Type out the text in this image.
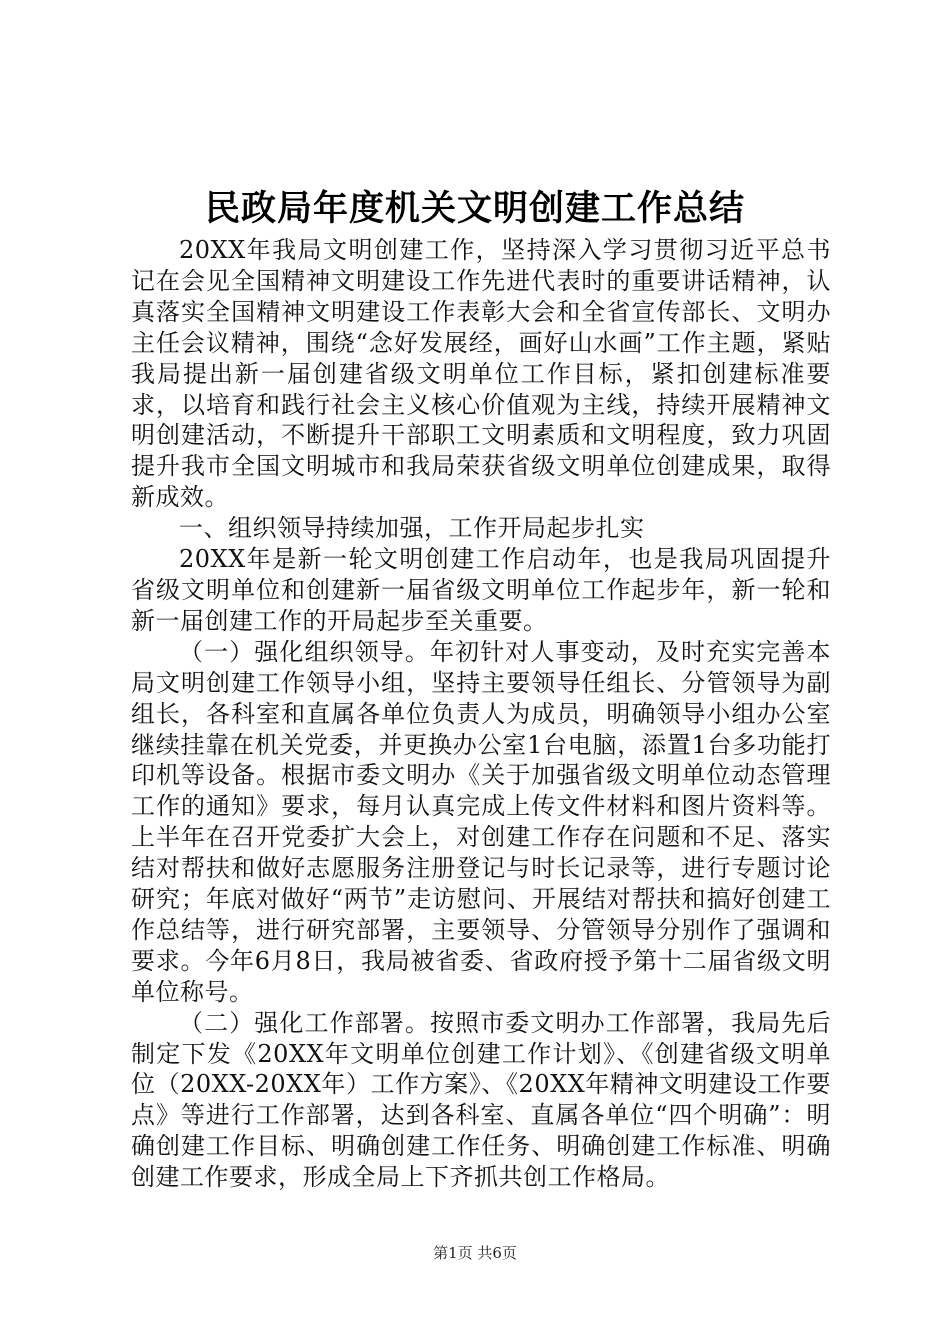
民政局年度机关文明创建工作总结

20XX年我局文明创建工作，坚持深入学习贯彻习近平总书记在会见全国精神文明建设工作先进代表时的重要讲话精神，认真落实全国精神文明建设工作表彰大会和全省宣传部长、文明办主任会议精神，围绕“念好发展经，画好山水画”工作主题，紧贴我局提出新一届创建省级文明单位工作目标，紧扣创建标准要求，以培育和践行社会主义核心价值观为主线，持续开展精神文明创建活动，不断提升干部职工文明素质和文明程度，致力巩固提升我市全国文明城市和我局荣获省级文明单位创建成果，取得新成效。

一、组织领导持续加强，工作开局起步扎实

20XX年是新一轮文明创建工作启动年，也是我局巩固提升省级文明单位和创建新一届省级文明单位工作起步年，新一轮和新一届创建工作的开局起步至关重要。

（一）强化组织领导。年初针对人事变动，及时充实完善本局文明创建工作领导小组，坚持主要领导任组长、分管领导为副组长，各科室和直属各单位负责人为成员，明确领导小组办公室继续挂靠在机关党委，并更换办公室1台电脑，添置1台多功能打印机等设备。根据市委文明办《关于加强省级文明单位动态管理工作的通知》要求，每月认真完成上传文件材料和图片资料等。上半年在召开党委扩大会上，对创建工作存在问题和不足、落实结对帮扶和做好志愿服务注册登记与时长记录等，进行专题讨论研究；年底对做好“两节”走访慰问、开展结对帮扶和搞好创建工作总结等，进行研究部署，主要领导、分管领导分别作了强调和要求。今年6月8日，我局被省委、省政府授予第十二届省级文明单位称号。

（二）强化工作部署。按照市委文明办工作部署，我局先后制定下发《20XX年文明单位创建工作计划》、《创建省级文明单位（20XX-20XX年）工作方案》、《20XX年精神文明建设工作要点》等进行工作部署，达到各科室、直属各单位“四个明确”：明确创建工作目标、明确创建工作任务、明确创建工作标准、明确创建工作要求，形成全局上下齐抓共创工作格局。

第1页 共6页
